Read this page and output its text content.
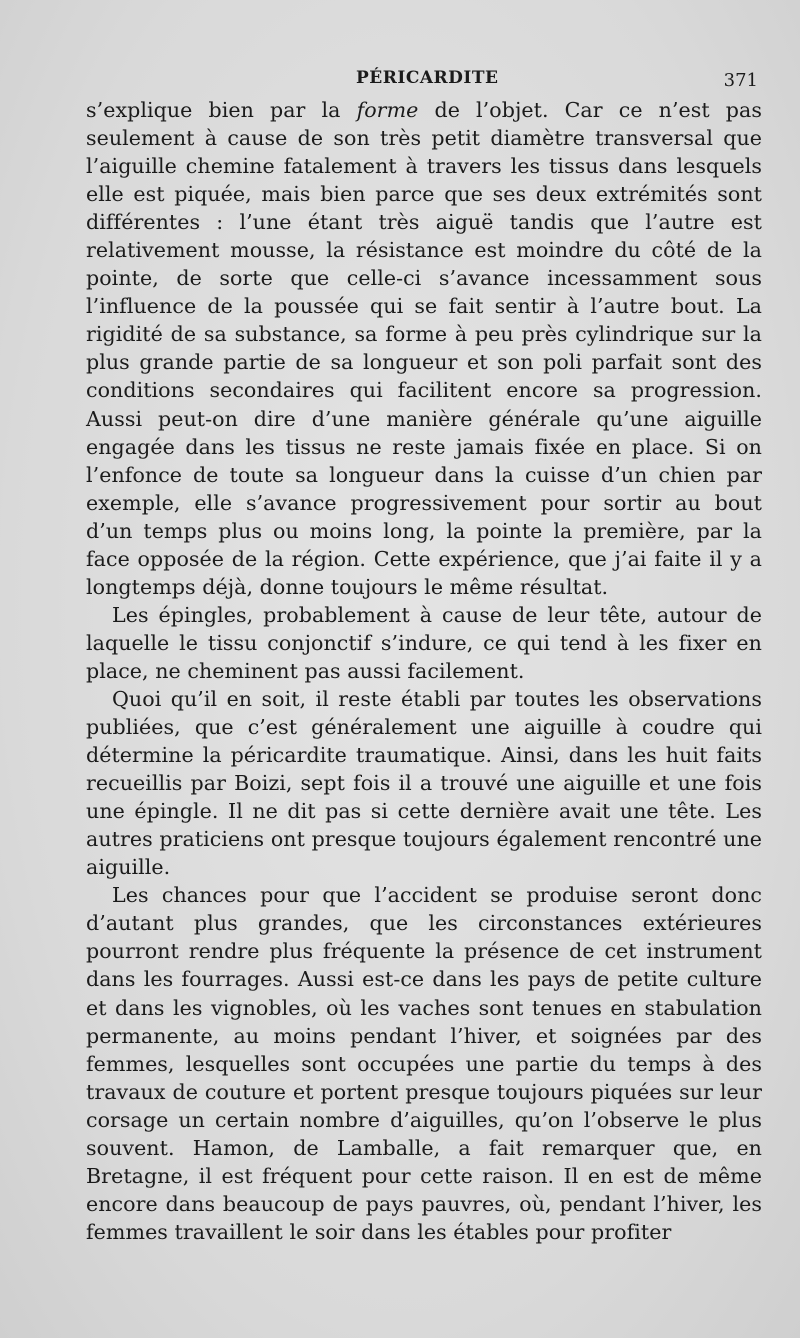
PÉRICARDITE	371

s’explique bien par la forme de l’objet. Car ce n’est pas seulement à cause de son très petit diamètre transversal que l’aiguille chemine fatalement à travers les tissus dans lesquels elle est piquée, mais bien parce que ses deux extrémités sont différentes : l’une étant très aiguë tandis que l’autre est relativement mousse, la résistance est moindre du côté de la pointe, de sorte que celle-ci s’avance incessamment sous l’influence de la poussée qui se fait sentir à l’autre bout. La rigidité de sa substance, sa forme à peu près cylindrique sur la plus grande partie de sa longueur et son poli parfait sont des conditions secondaires qui facilitent encore sa progression. Aussi peut-on dire d’une manière générale qu’une aiguille engagée dans les tissus ne reste jamais fixée en place. Si on l’enfonce de toute sa longueur dans la cuisse d’un chien par exemple, elle s’avance progressivement pour sortir au bout d’un temps plus ou moins long, la pointe la première, par la face opposée de la région. Cette expérience, que j’ai faite il y a longtemps déjà, donne toujours le même résultat.

Les épingles, probablement à cause de leur tête, autour de laquelle le tissu conjonctif s’indure, ce qui tend à les fixer en place, ne cheminent pas aussi facilement.

Quoi qu’il en soit, il reste établi par toutes les observations publiées, que c’est généralement une aiguille à coudre qui détermine la péricardite traumatique. Ainsi, dans les huit faits recueillis par Boizi, sept fois il a trouvé une aiguille et une fois une épingle. Il ne dit pas si cette dernière avait une tête. Les autres praticiens ont presque toujours également rencontré une aiguille.

Les chances pour que l’accident se produise seront donc d’autant plus grandes, que les circonstances extérieures pourront rendre plus fréquente la présence de cet instrument dans les fourrages. Aussi est-ce dans les pays de petite culture et dans les vignobles, où les vaches sont tenues en stabulation permanente, au moins pendant l’hiver, et soignées par des femmes, lesquelles sont occupées une partie du temps à des travaux de couture et portent presque toujours piquées sur leur corsage un certain nombre d’aiguilles, qu’on l’observe le plus souvent. Hamon, de Lamballe, a fait remarquer que, en Bretagne, il est fréquent pour cette raison. Il en est de même encore dans beaucoup de pays pauvres, où, pendant l’hiver, les femmes travaillent le soir dans les étables pour profiter
